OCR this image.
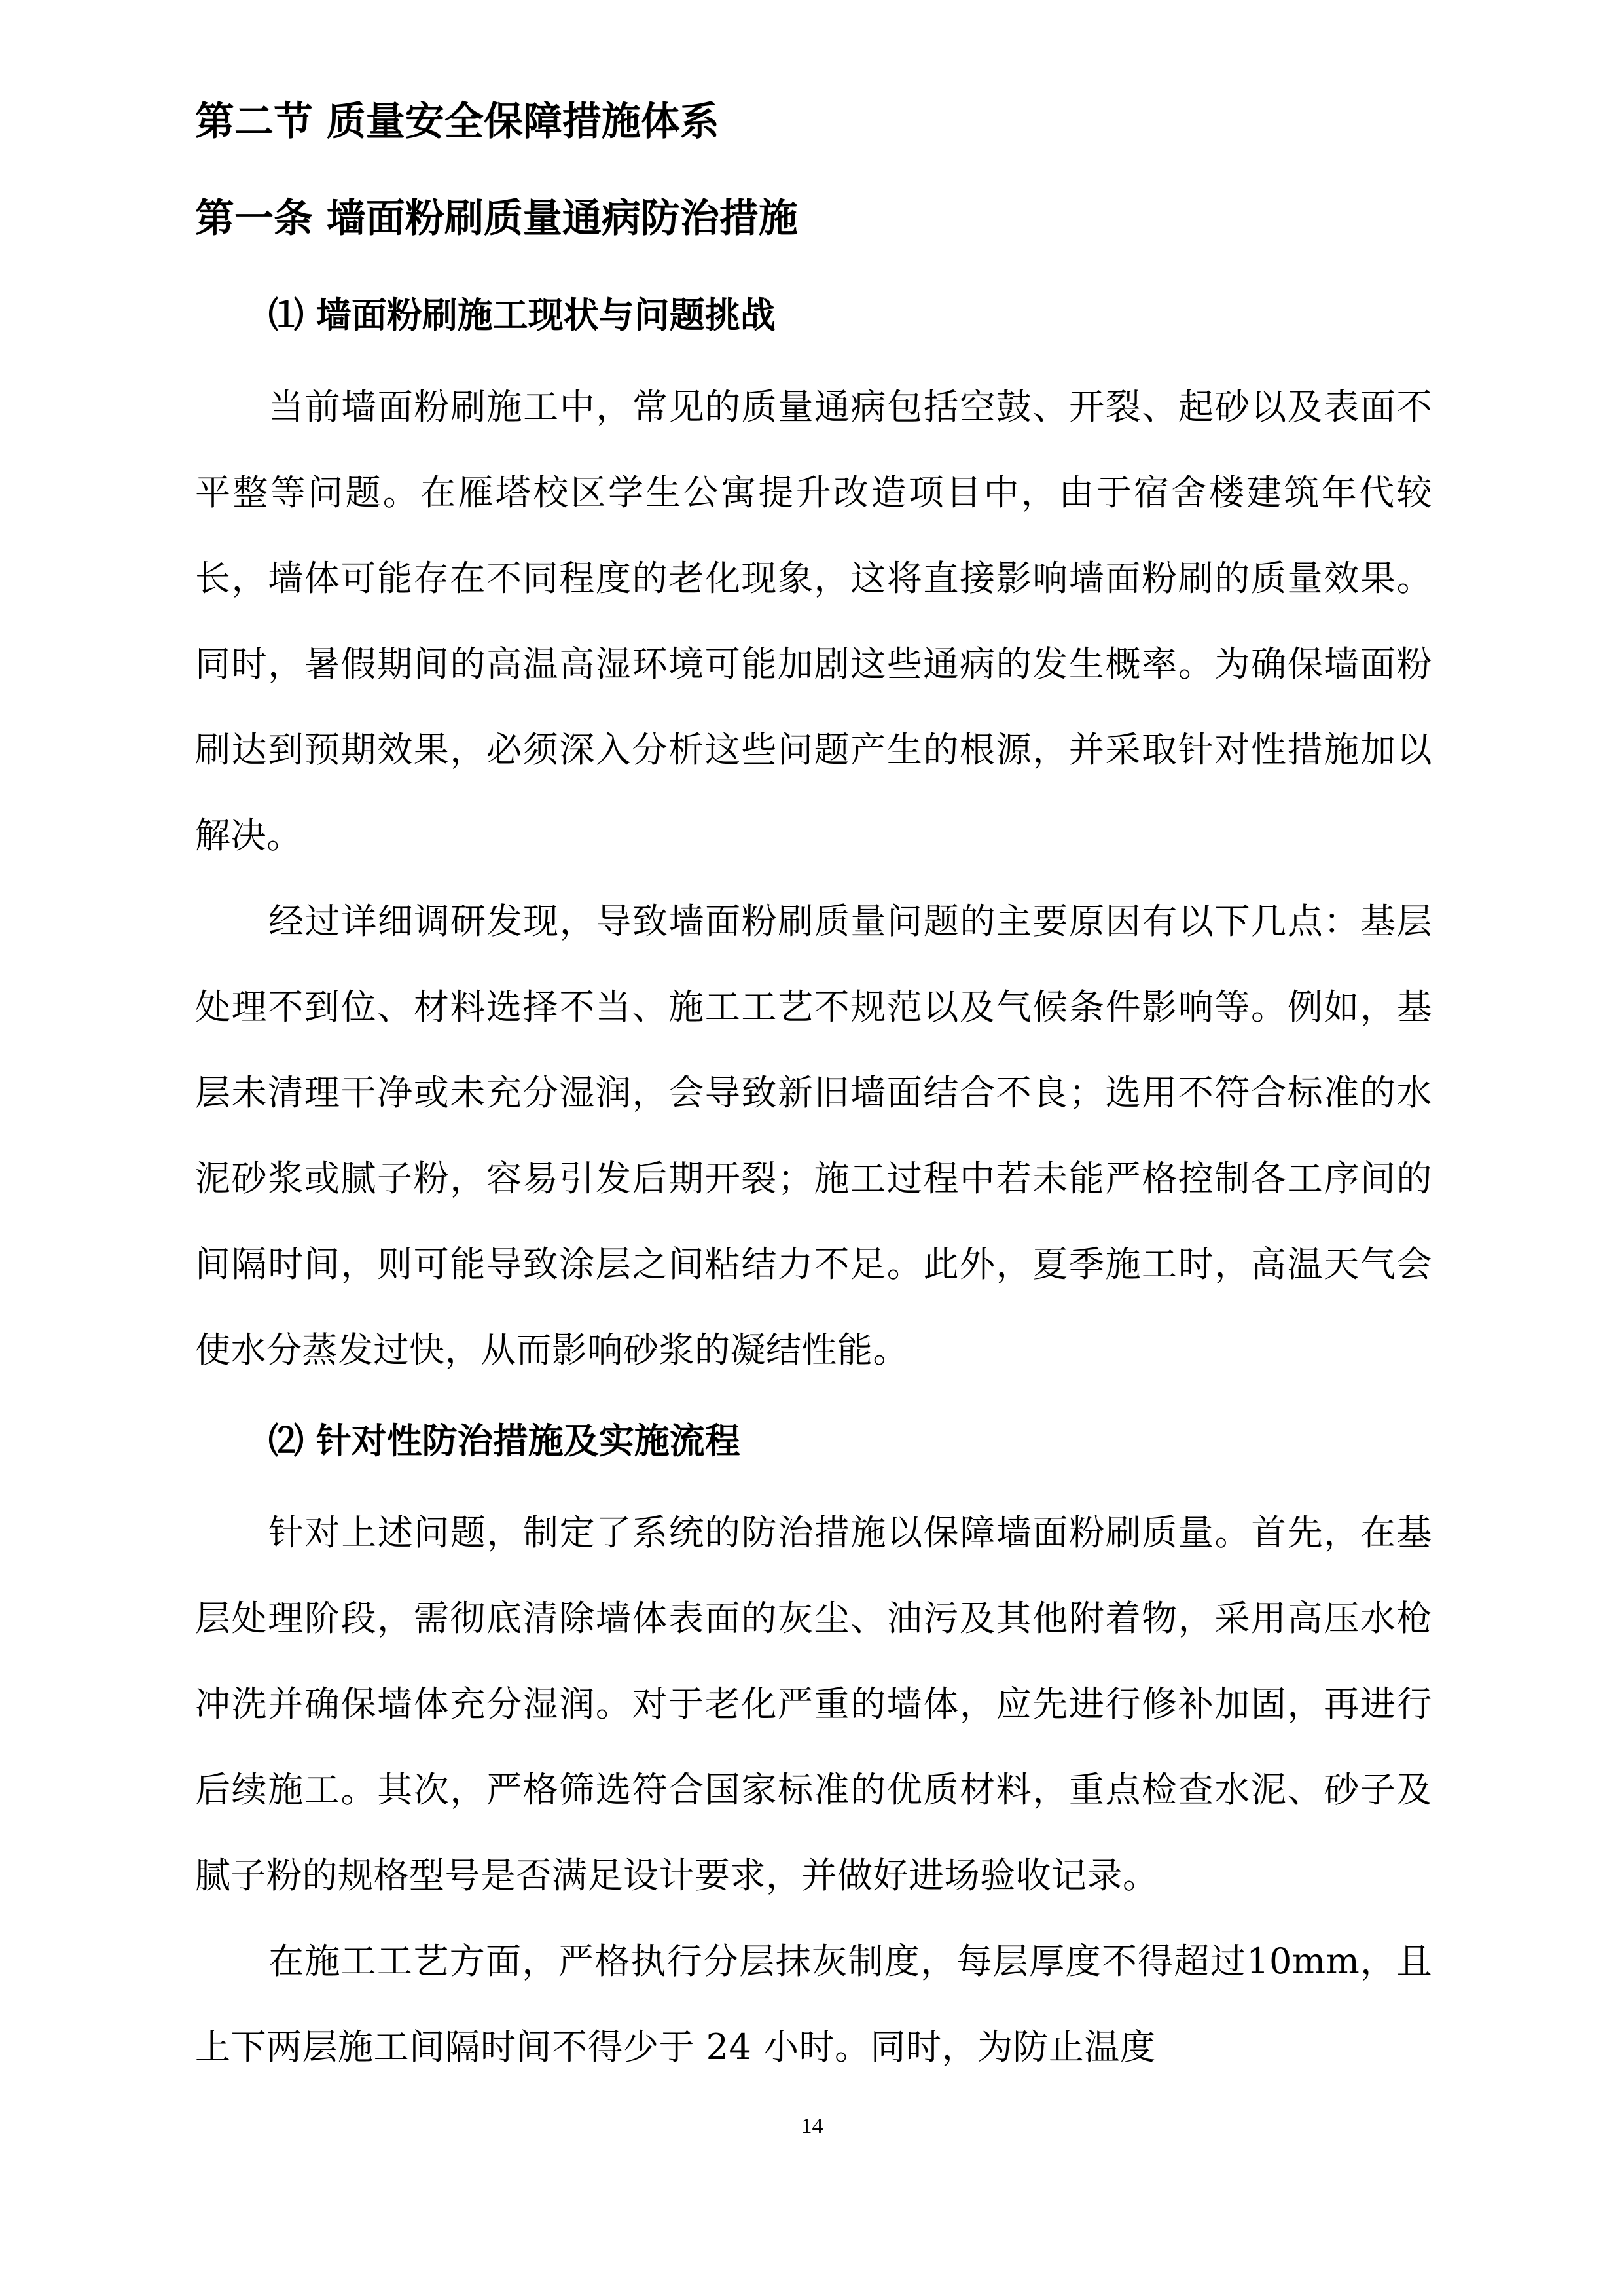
第二节 质量安全保障措施体系
第一条 墙面粉刷质量通病防治措施
⑴ 墙面粉刷施工现状与问题挑战

当前墙面粉刷施工中，常见的质量通病包括空鼓、开裂、起砂以及表面不平整等问题。在雁塔校区学生公寓提升改造项目中，由于宿舍楼建筑年代较长，墙体可能存在不同程度的老化现象，这将直接影响墙面粉刷的质量效果。同时，暑假期间的高温高湿环境可能加剧这些通病的发生概率。为确保墙面粉刷达到预期效果，必须深入分析这些问题产生的根源，并采取针对性措施加以解决。

经过详细调研发现，导致墙面粉刷质量问题的主要原因有以下几点：基层处理不到位、材料选择不当、施工工艺不规范以及气候条件影响等。例如，基层未清理干净或未充分湿润，会导致新旧墙面结合不良；选用不符合标准的水泥砂浆或腻子粉，容易引发后期开裂；施工过程中若未能严格控制各工序间的间隔时间，则可能导致涂层之间粘结力不足。此外，夏季施工时，高温天气会使水分蒸发过快，从而影响砂浆的凝结性能。

⑵ 针对性防治措施及实施流程

针对上述问题，制定了系统的防治措施以保障墙面粉刷质量。首先，在基层处理阶段，需彻底清除墙体表面的灰尘、油污及其他附着物，采用高压水枪冲洗并确保墙体充分湿润。对于老化严重的墙体，应先进行修补加固，再进行后续施工。其次，严格筛选符合国家标准的优质材料，重点检查水泥、砂子及腻子粉的规格型号是否满足设计要求，并做好进场验收记录。

在施工工艺方面，严格执行分层抹灰制度，每层厚度不得超过10mm，且上下两层施工间隔时间不得少于 24 小时。同时，为防止温度

14
